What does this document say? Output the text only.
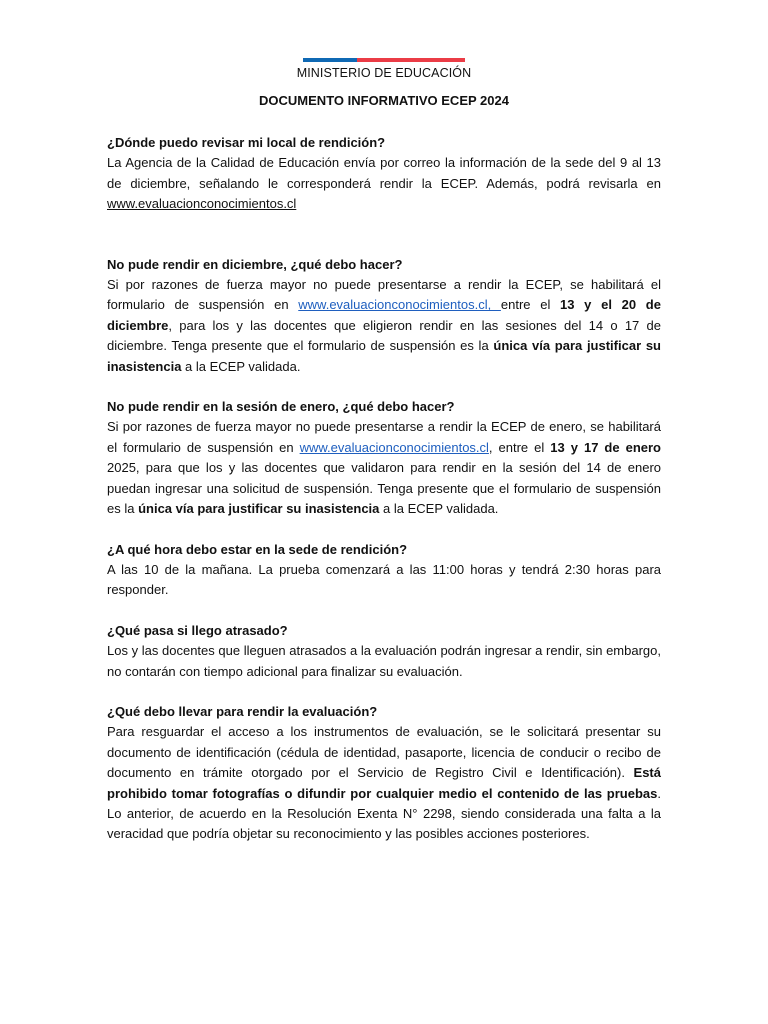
MINISTERIO DE EDUCACIÓN
DOCUMENTO INFORMATIVO ECEP 2024

¿Dónde puedo revisar mi local de rendición?

La Agencia de la Calidad de Educación envía por correo la información de la sede del 9 al 13 de diciembre, señalando le corresponderá rendir la ECEP. Además, podrá revisarla en www.evaluacionconocimientos.cl

No pude rendir en diciembre, ¿qué debo hacer?

Si por razones de fuerza mayor no puede presentarse a rendir la ECEP, se habilitará el formulario de suspensión en www.evaluacionconocimientos.cl, entre el 13 y el 20 de diciembre, para los y las docentes que eligieron rendir en las sesiones del 14 o 17 de diciembre. Tenga presente que el formulario de suspensión es la única vía para justificar su inasistencia a la ECEP validada.

No pude rendir en la sesión de enero, ¿qué debo hacer?

Si por razones de fuerza mayor no puede presentarse a rendir la ECEP de enero, se habilitará el formulario de suspensión en www.evaluacionconocimientos.cl, entre el 13 y 17 de enero 2025, para que los y las docentes que validaron para rendir en la sesión del 14 de enero puedan ingresar una solicitud de suspensión. Tenga presente que el formulario de suspensión es la única vía para justificar su inasistencia a la ECEP validada.

¿A qué hora debo estar en la sede de rendición?

A las 10 de la mañana. La prueba comenzará a las 11:00 horas y tendrá 2:30 horas para responder.

¿Qué pasa si llego atrasado?

Los y las docentes que lleguen atrasados a la evaluación podrán ingresar a rendir, sin embargo, no contarán con tiempo adicional para finalizar su evaluación.

¿Qué debo llevar para rendir la evaluación?

Para resguardar el acceso a los instrumentos de evaluación, se le solicitará presentar su documento de identificación (cédula de identidad, pasaporte, licencia de conducir o recibo de documento en trámite otorgado por el Servicio de Registro Civil e Identificación). Está prohibido tomar fotografías o difundir por cualquier medio el contenido de las pruebas. Lo anterior, de acuerdo en la Resolución Exenta N° 2298, siendo considerada una falta a la veracidad que podría objetar su reconocimiento y las posibles acciones posteriores.
